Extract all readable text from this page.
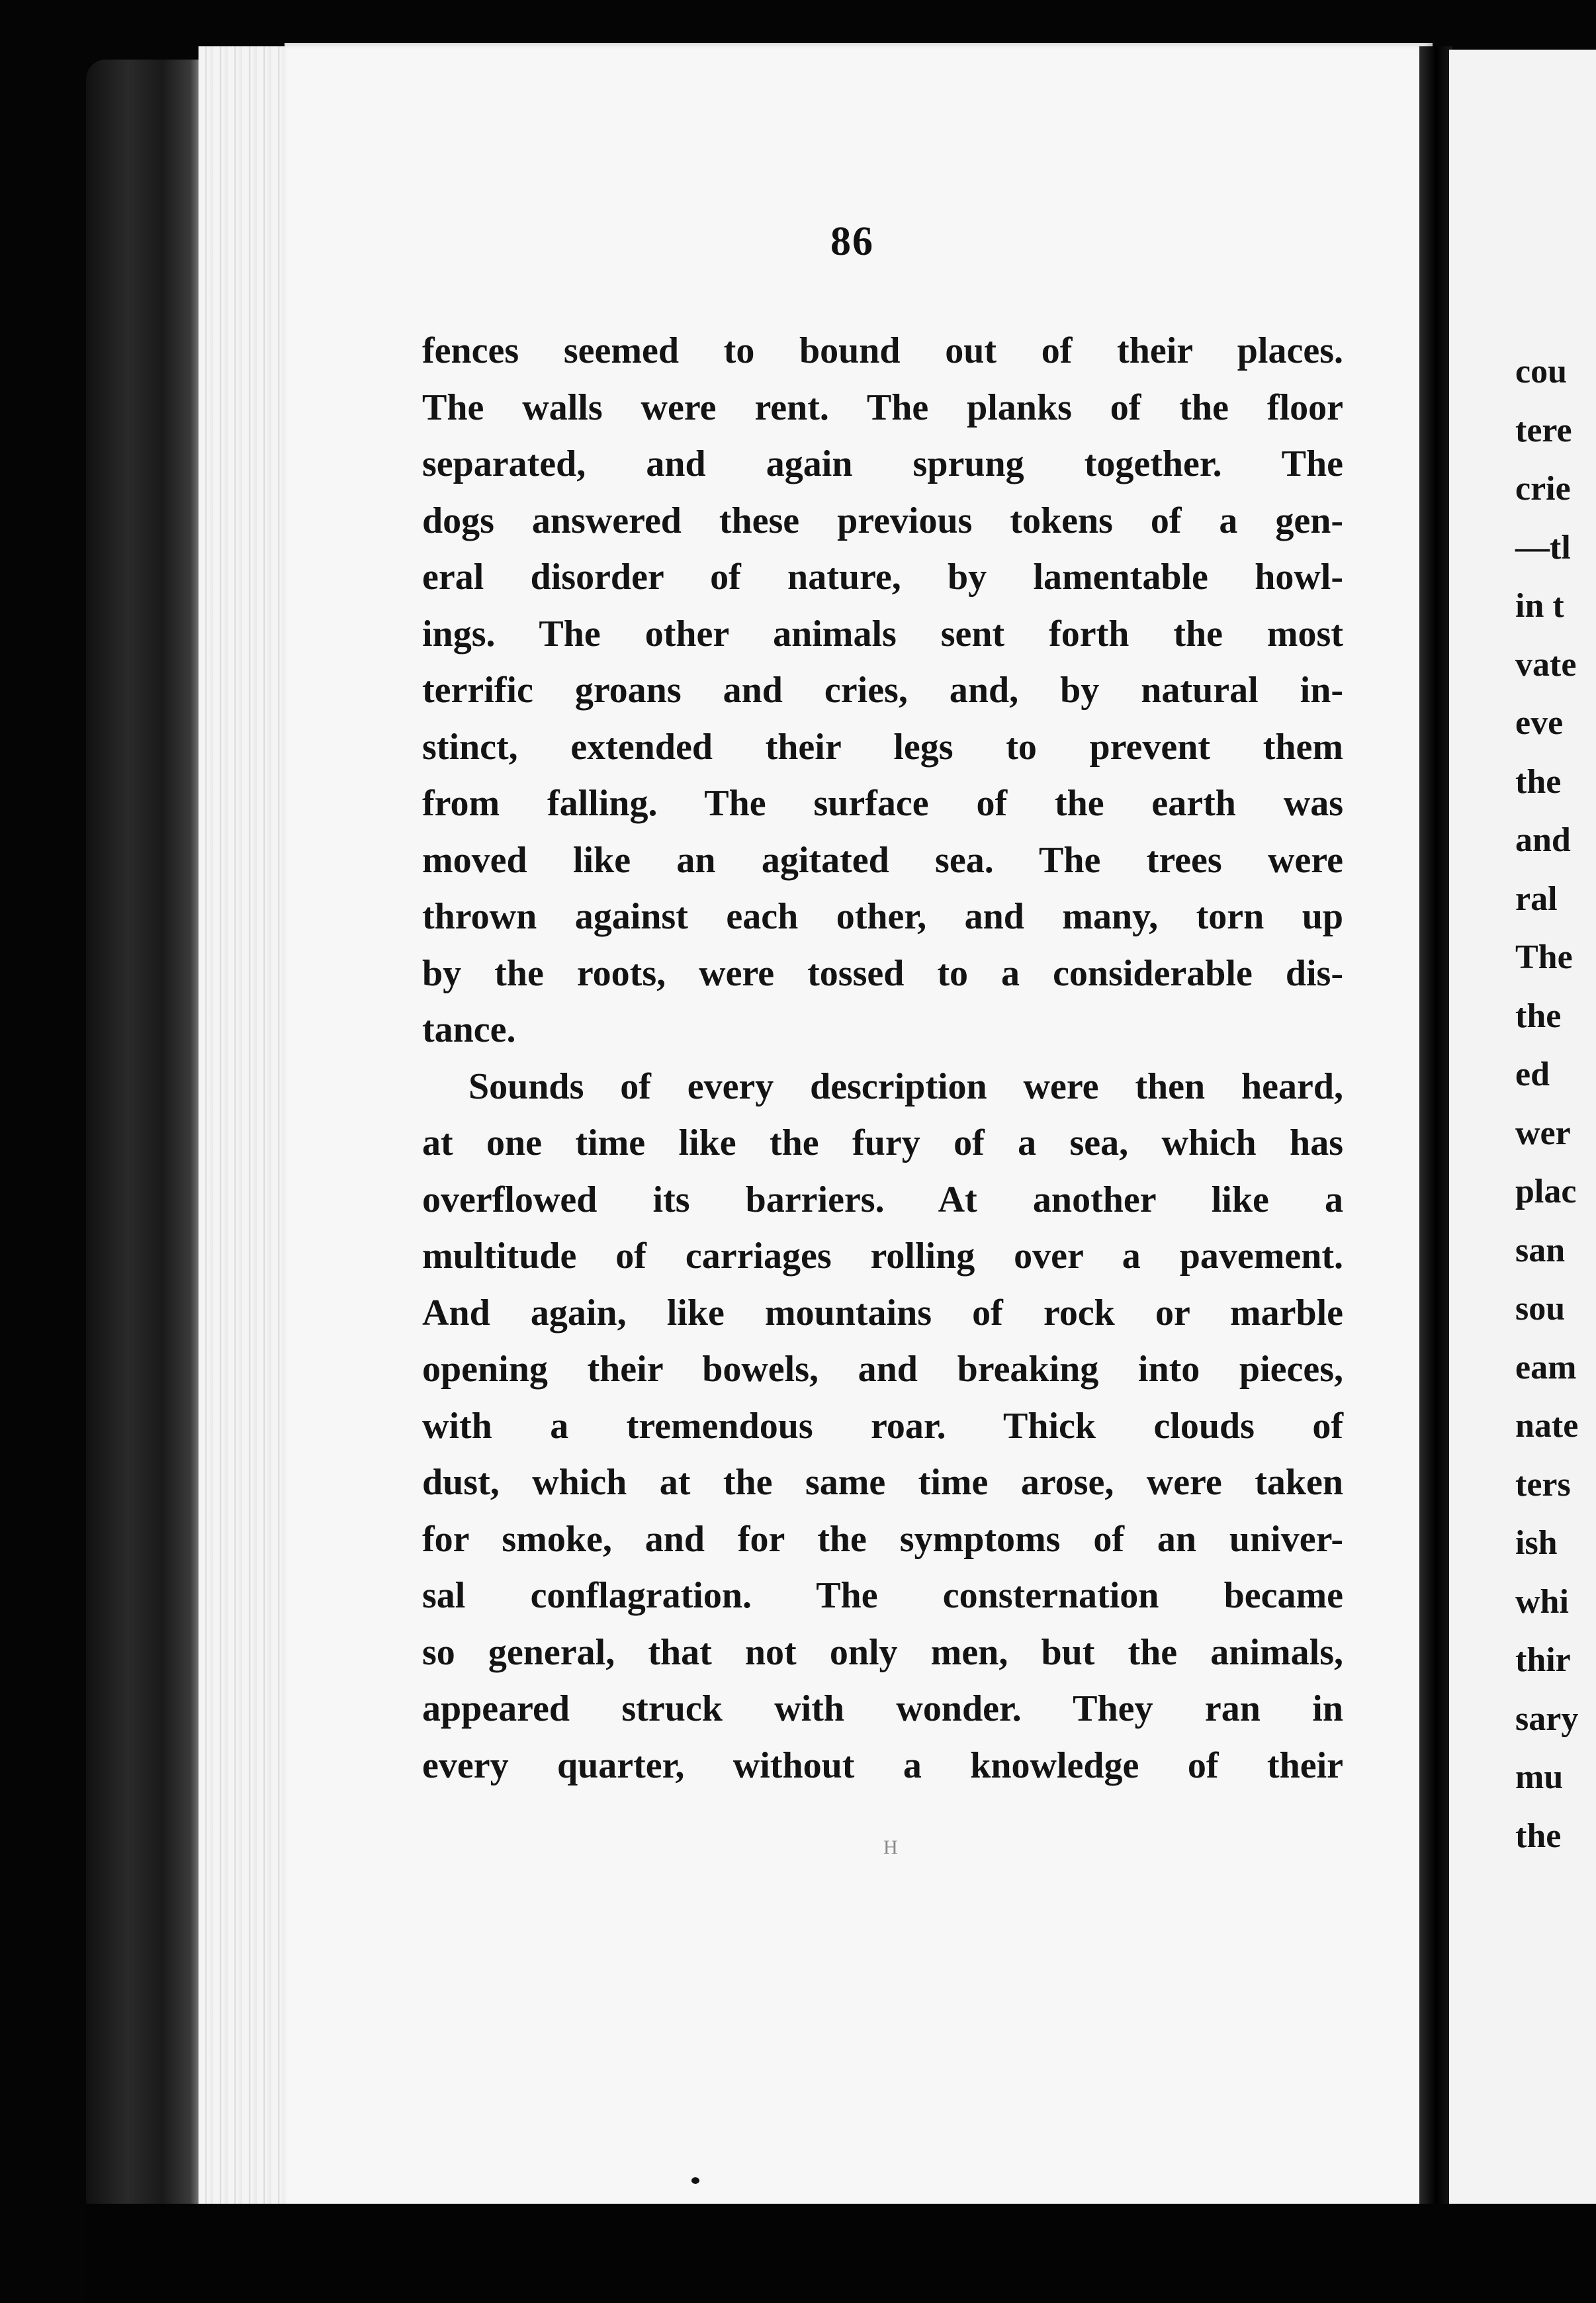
86
fences seemed to bound out of their places.
The walls were rent. The planks of the floor
separated, and again sprung together. The
dogs answered these previous tokens of a gen-
eral disorder of nature, by lamentable howl-
ings. The other animals sent forth the most
terrific groans and cries, and, by natural in-
stinct, extended their legs to prevent them
from falling. The surface of the earth was
moved like an agitated sea. The trees were
thrown against each other, and many, torn up
by the roots, were tossed to a considerable dis-
tance.
Sounds of every description were then heard,
at one time like the fury of a sea, which has
overflowed its barriers. At another like a
multitude of carriages rolling over a pavement.
And again, like mountains of rock or marble
opening their bowels, and breaking into pieces,
with a tremendous roar. Thick clouds of
dust, which at the same time arose, were taken
for smoke, and for the symptoms of an univer-
sal conflagration. The consternation became
so general, that not only men, but the animals,
appeared struck with wonder. They ran in
every quarter, without a knowledge of their
H
cou
tere
crie
—tl
in t
vate
eve
the
and
ral
The
the
ed
wer
plac
san
sou
eam
nate
ters
ish
whi
thir
sary
mu
the
